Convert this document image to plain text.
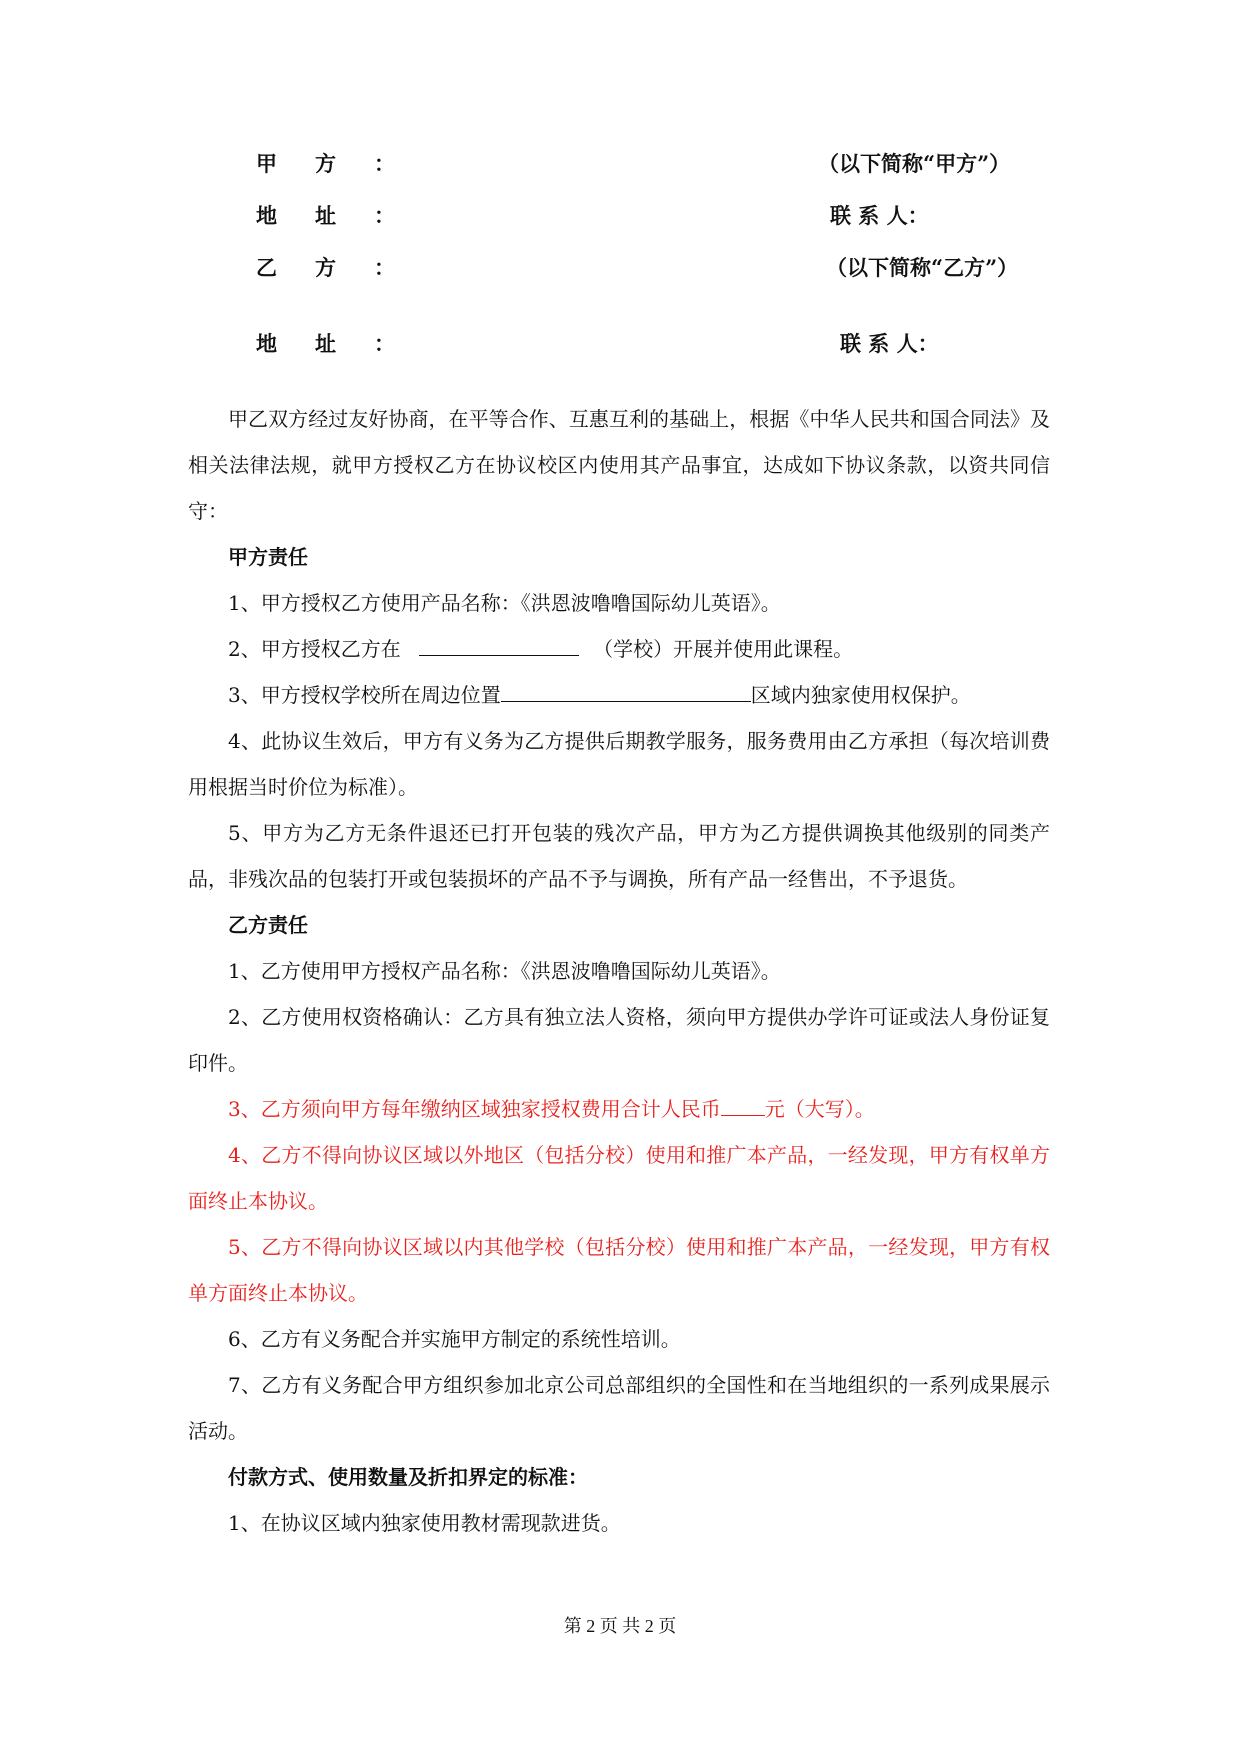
甲方：	（以下简称“甲方”）
地址：	联 系 人：
乙方：	（以下简称“乙方”）
地址：	联 系 人：

甲乙双方经过友好协商，在平等合作、互惠互利的基础上，根据《中华人民共和国合同法》及相关法律法规，就甲方授权乙方在协议校区内使用其产品事宜，达成如下协议条款，以资共同信守：

甲方责任

1、甲方授权乙方使用产品名称：《洪恩波噜噜国际幼儿英语》。

2、甲方授权乙方在	（学校）开展并使用此课程。

3、甲方授权学校所在周边位置	区域内独家使用权保护。

4、此协议生效后，甲方有义务为乙方提供后期教学服务，服务费用由乙方承担（每次培训费用根据当时价位为标准）。

5、甲方为乙方无条件退还已打开包装的残次产品，甲方为乙方提供调换其他级别的同类产品，非残次品的包装打开或包装损坏的产品不予与调换，所有产品一经售出，不予退货。

乙方责任

1、乙方使用甲方授权产品名称：《洪恩波噜噜国际幼儿英语》。

2、乙方使用权资格确认：乙方具有独立法人资格，须向甲方提供办学许可证或法人身份证复印件。

3、乙方须向甲方每年缴纳区域独家授权费用合计人民币 元（大写）。

4、乙方不得向协议区域以外地区（包括分校）使用和推广本产品，一经发现，甲方有权单方面终止本协议。

5、乙方不得向协议区域以内其他学校（包括分校）使用和推广本产品，一经发现，甲方有权单方面终止本协议。

6、乙方有义务配合并实施甲方制定的系统性培训。

7、乙方有义务配合甲方组织参加北京公司总部组织的全国性和在当地组织的一系列成果展示活动。

付款方式、使用数量及折扣界定的标准：

1、在协议区域内独家使用教材需现款进货。

第 2 页 共 2 页
